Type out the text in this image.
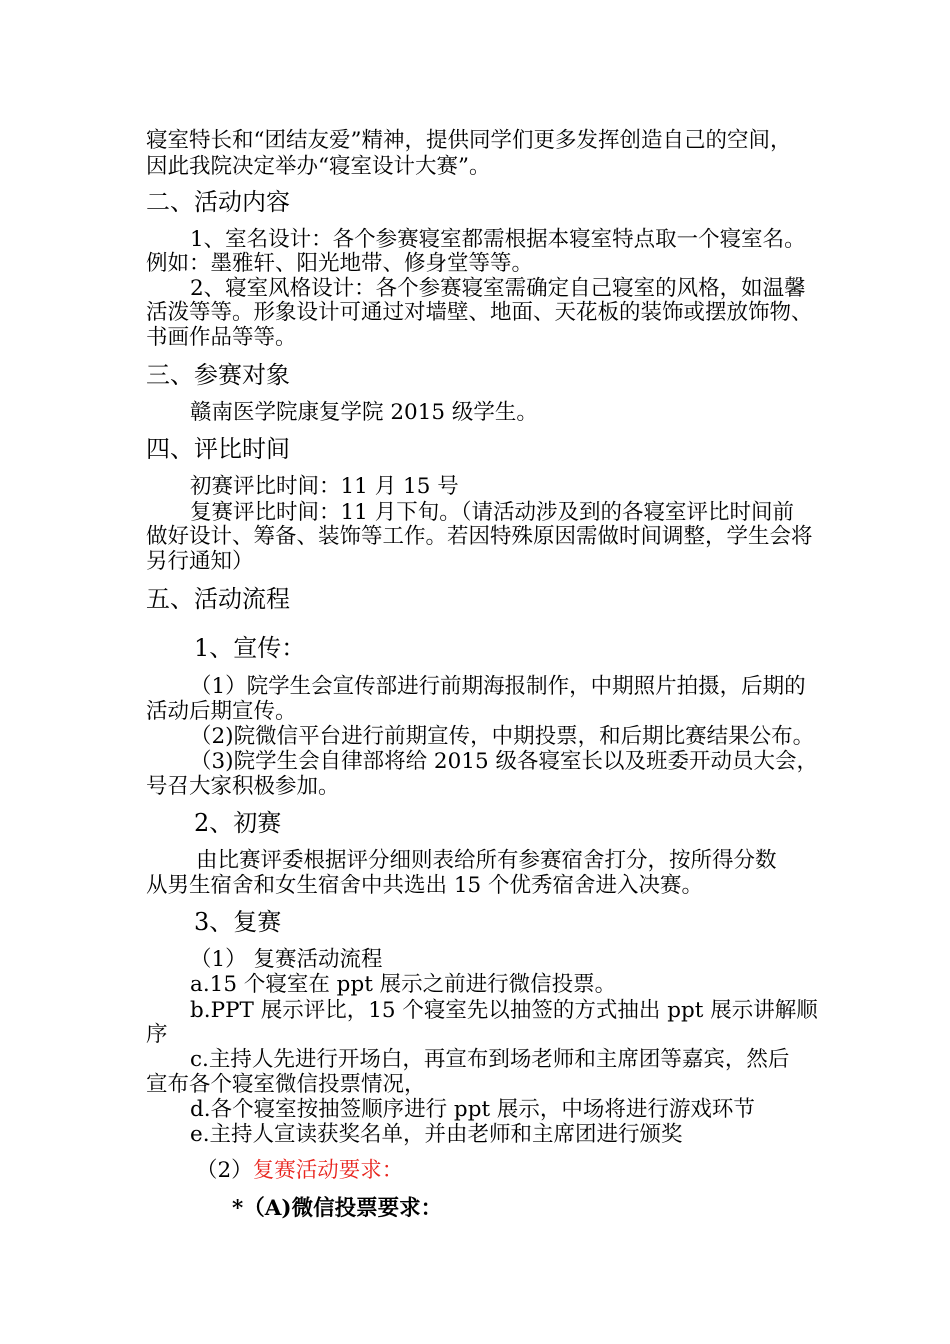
寝室特长和“团结友爱”精神，提供同学们更多发挥创造自己的空间，
因此我院决定举办“寝室设计大赛”。
二、活动内容
1、室名设计：各个参赛寝室都需根据本寝室特点取一个寝室名。
例如：墨雅轩、阳光地带、修身堂等等。
2、寝室风格设计：各个参赛寝室需确定自己寝室的风格，如温馨
活泼等等。形象设计可通过对墙壁、地面、天花板的装饰或摆放饰物、
书画作品等等。
三、参赛对象
赣南医学院康复学院 2015 级学生。
四、评比时间
初赛评比时间：11 月 15 号
复赛评比时间：11 月下旬。（请活动涉及到的各寝室评比时间前
做好设计、筹备、装饰等工作。若因特殊原因需做时间调整，学生会将
另行通知）
五、活动流程
1、宣传：
（1）院学生会宣传部进行前期海报制作，中期照片拍摄，后期的
活动后期宣传。
（2)院微信平台进行前期宣传，中期投票，和后期比赛结果公布。
（3)院学生会自律部将给 2015 级各寝室长以及班委开动员大会，
号召大家积极参加。
2、初赛
由比赛评委根据评分细则表给所有参赛宿舍打分，按所得分数
从男生宿舍和女生宿舍中共选出 15 个优秀宿舍进入决赛。
3、复赛
（1） 复赛活动流程
a.15 个寝室在 ppt 展示之前进行微信投票。
b.PPT 展示评比，15 个寝室先以抽签的方式抽出 ppt 展示讲解顺
序
c.主持人先进行开场白，再宣布到场老师和主席团等嘉宾，然后
宣布各个寝室微信投票情况，
d.各个寝室按抽签顺序进行 ppt 展示，中场将进行游戏环节
e.主持人宣读获奖名单，并由老师和主席团进行颁奖
（2）复赛活动要求：
*（A)微信投票要求：
